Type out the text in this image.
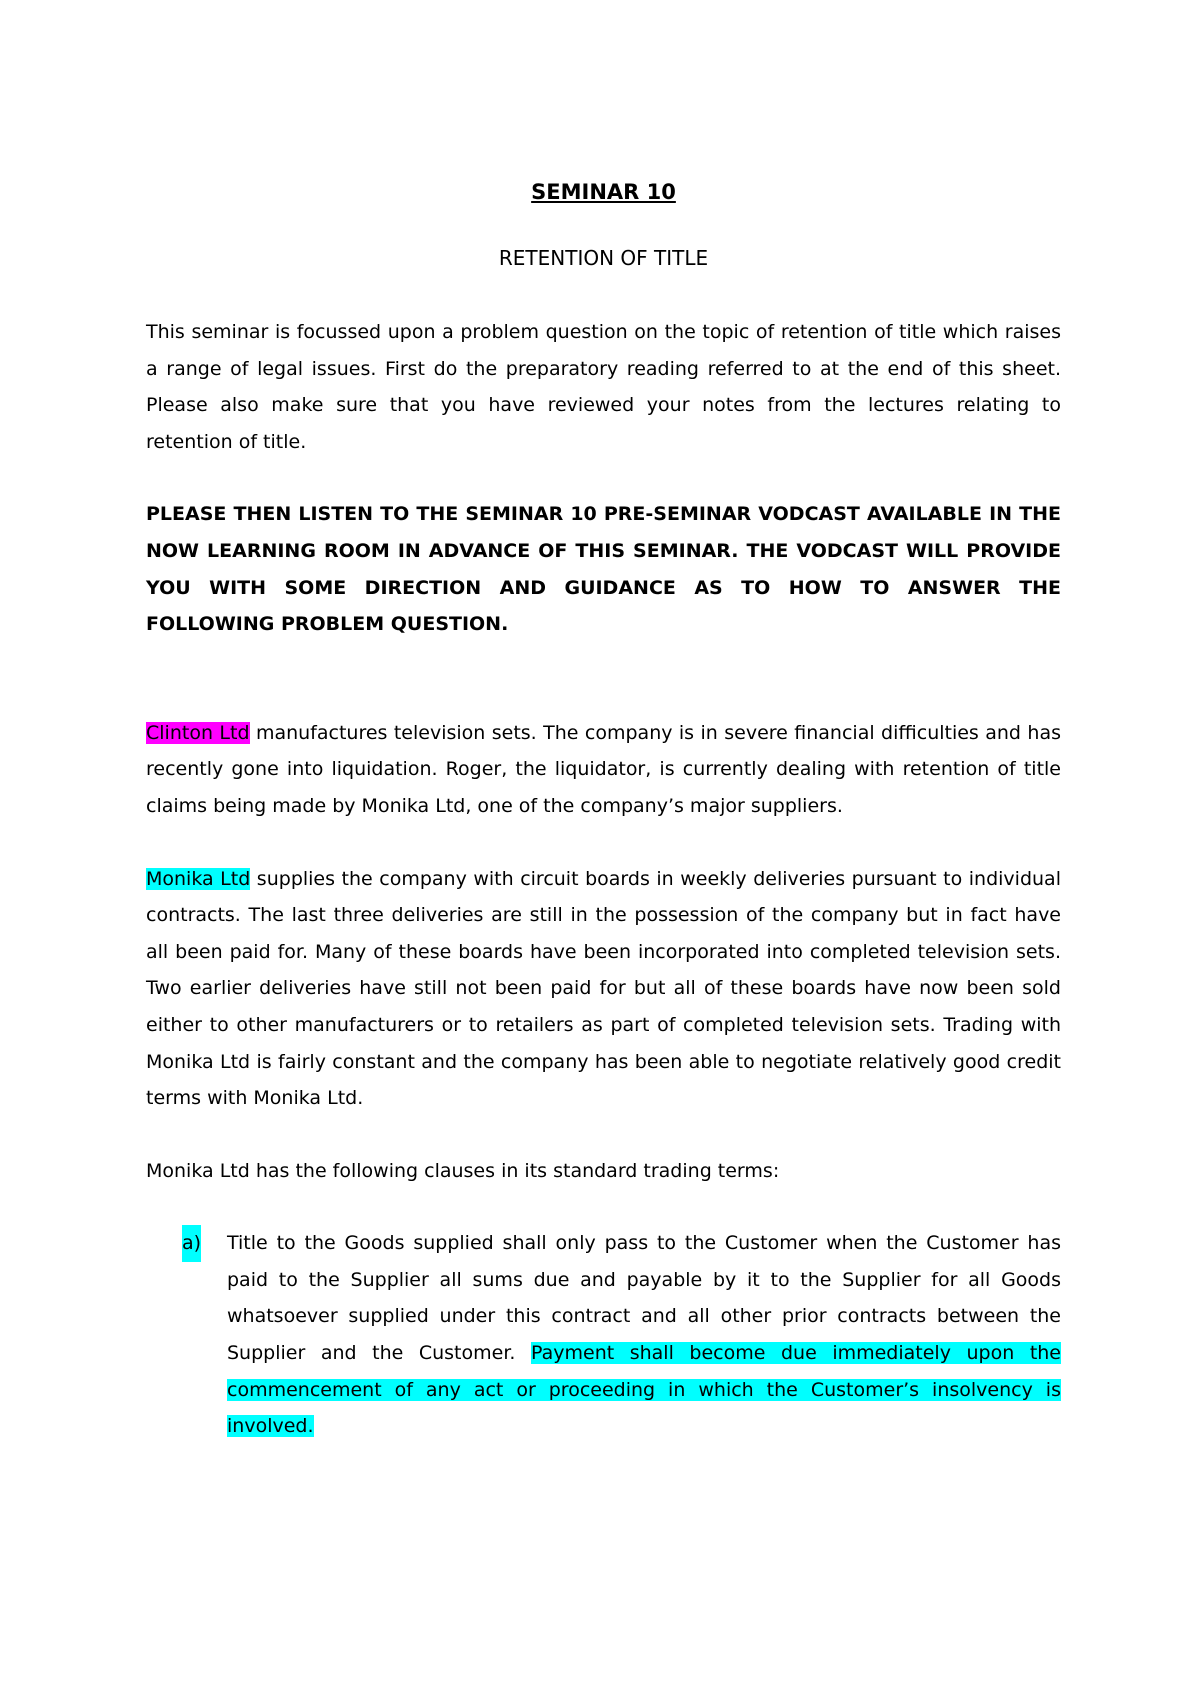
SEMINAR 10
RETENTION OF TITLE

This seminar is focussed upon a problem question on the topic of retention of title which raises a range of legal issues. First do the preparatory reading referred to at the end of this sheet. Please also make sure that you have reviewed your notes from the lectures relating to retention of title.

PLEASE THEN LISTEN TO THE SEMINAR 10 PRE-SEMINAR VODCAST AVAILABLE IN THE NOW LEARNING ROOM IN ADVANCE OF THIS SEMINAR. THE VODCAST WILL PROVIDE YOU WITH SOME DIRECTION AND GUIDANCE AS TO HOW TO ANSWER THE FOLLOWING PROBLEM QUESTION.

Clinton Ltd manufactures television sets. The company is in severe financial difficulties and has recently gone into liquidation. Roger, the liquidator, is currently dealing with retention of title claims being made by Monika Ltd, one of the company’s major suppliers.

Monika Ltd supplies the company with circuit boards in weekly deliveries pursuant to individual contracts. The last three deliveries are still in the possession of the company but in fact have all been paid for. Many of these boards have been incorporated into completed television sets. Two earlier deliveries have still not been paid for but all of these boards have now been sold either to other manufacturers or to retailers as part of completed television sets. Trading with Monika Ltd is fairly constant and the company has been able to negotiate relatively good credit terms with Monika Ltd.

Monika Ltd has the following clauses in its standard trading terms:

a) Title to the Goods supplied shall only pass to the Customer when the Customer has paid to the Supplier all sums due and payable by it to the Supplier for all Goods whatsoever supplied under this contract and all other prior contracts between the Supplier and the Customer. Payment shall become due immediately upon the commencement of any act or proceeding in which the Customer’s insolvency is involved.
